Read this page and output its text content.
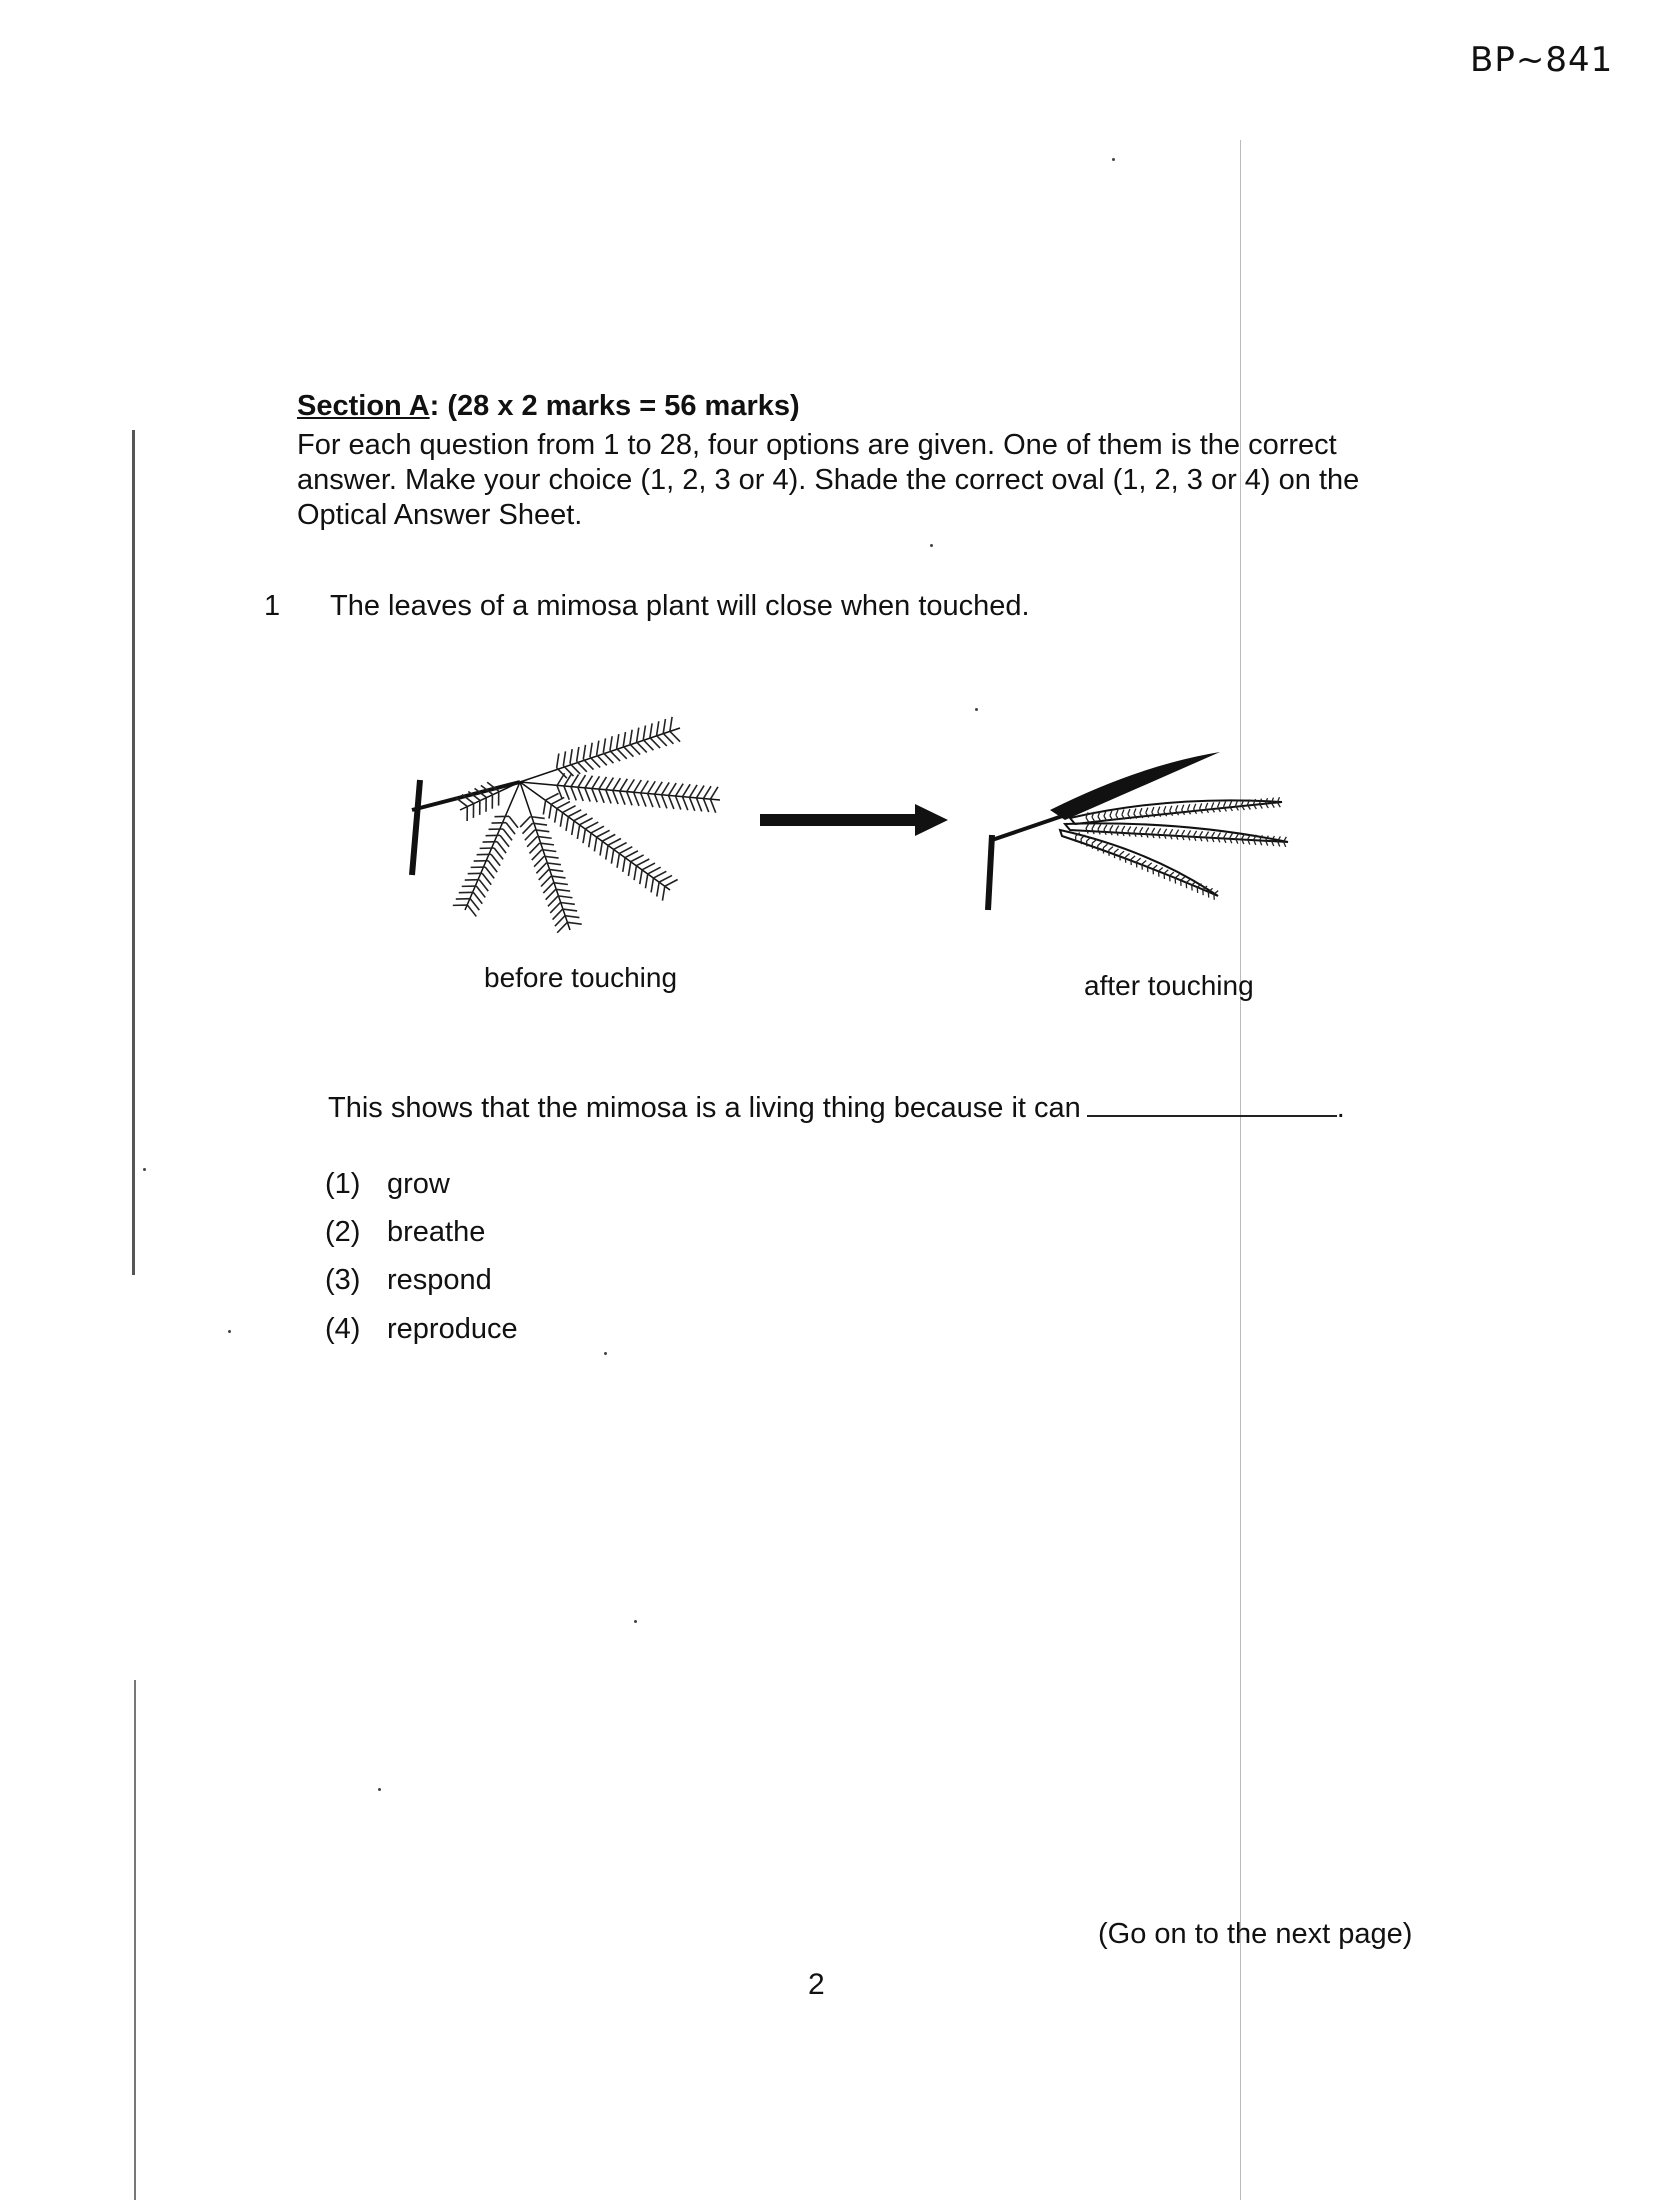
BP~841
Section A: (28 x 2 marks = 56 marks)
For each question from 1 to 28, four options are given. One of them is the correct answer. Make your choice (1, 2, 3 or 4). Shade the correct oval (1, 2, 3 or 4) on the Optical Answer Sheet.
1 The leaves of a mimosa plant will close when touched.
before touching	after touching
This shows that the mimosa is a living thing because it can	.
(1) grow
(2) breathe
(3) respond
(4) reproduce
(Go on to the next page)
2
